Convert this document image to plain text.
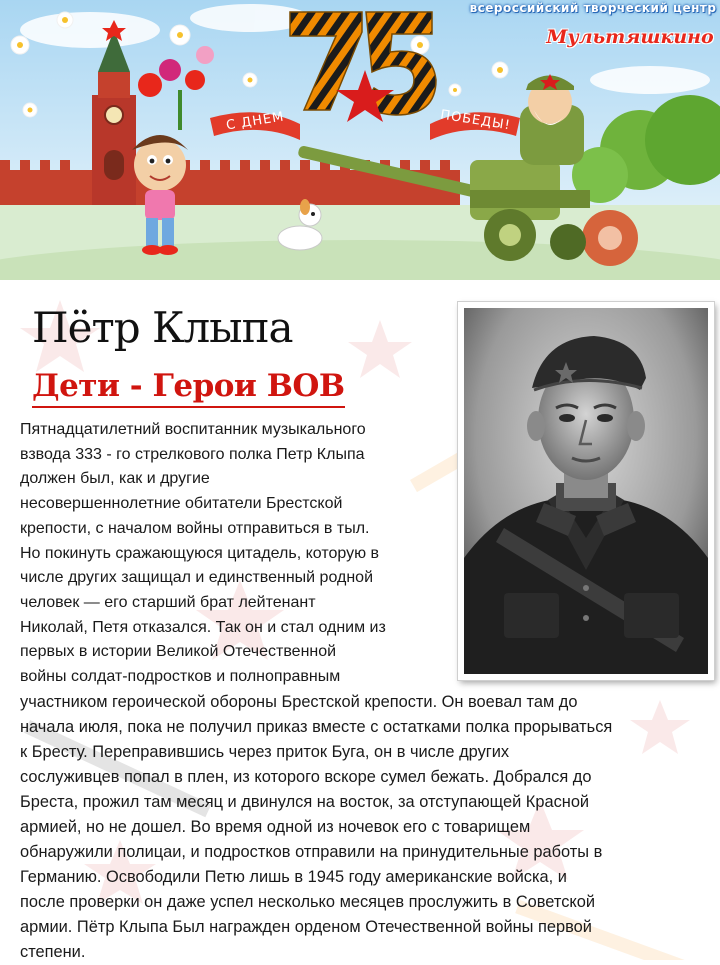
всероссийский творческий центр
Мультяшкино
С ДНЕМ	ПОБЕДЫ!
Пётр Клыпа
Дети - Герои ВОВ
Пятнадцатилетний воспитанник музыкального
взвода 333 - го стрелкового полка Петр Клыпа
должен был, как и другие
несовершеннолетние обитатели Брестской
крепости, с началом войны отправиться в тыл.
Но покинуть сражающуюся цитадель, которую в
числе других защищал и единственный родной
человек — его старший брат лейтенант
Николай, Петя отказался. Так он и стал одним из
первых в истории Великой Отечественной
войны солдат-подростков и полноправным
участником героической обороны Брестской крепости. Он воевал там до
начала июля, пока не получил приказ вместе с остатками полка прорываться
к Бресту. Переправившись через приток Буга, он в числе других
сослуживцев попал в плен, из которого вскоре сумел бежать. Добрался до
Бреста, прожил там месяц и двинулся на восток, за отступающей Красной
армией, но не дошел. Во время одной из ночевок его с товарищем
обнаружили полицаи, и подростков отправили на принудительные работы в
Германию. Освободили Петю лишь в 1945 году американские войска, и
после проверки он даже успел несколько месяцев прослужить в Советской
армии. Пётр Клыпа Был награжден орденом Отечественной войны первой
степени.
